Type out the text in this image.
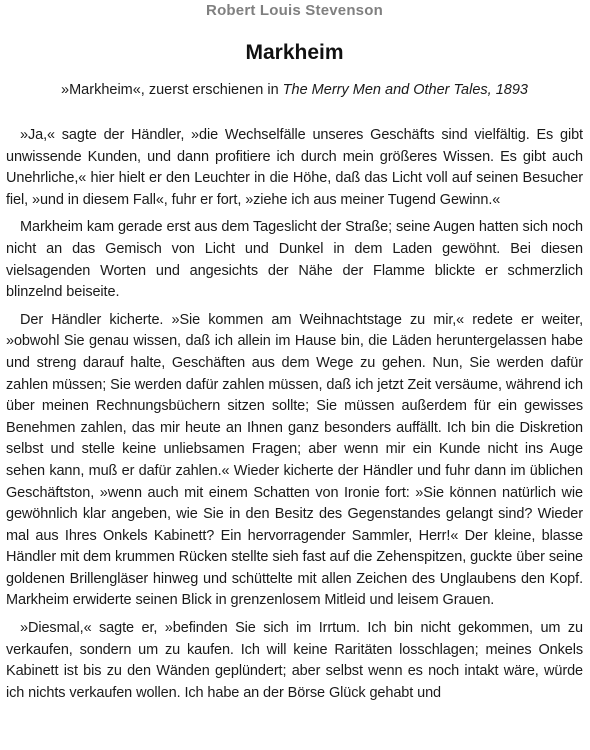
Robert Louis Stevenson

Markheim

»Markheim«, zuerst erschienen in The Merry Men and Other Tales, 1893

»Ja,« sagte der Händler, »die Wechselfälle unseres Geschäfts sind vielfältig. Es gibt unwissende Kunden, und dann profitiere ich durch mein größeres Wissen. Es gibt auch Unehrliche,« hier hielt er den Leuchter in die Höhe, daß das Licht voll auf seinen Besucher fiel, »und in diesem Fall«, fuhr er fort, »ziehe ich aus meiner Tugend Gewinn.«

Markheim kam gerade erst aus dem Tageslicht der Straße; seine Augen hatten sich noch nicht an das Gemisch von Licht und Dunkel in dem Laden gewöhnt. Bei diesen vielsagenden Worten und angesichts der Nähe der Flamme blickte er schmerzlich blinzelnd beiseite.

Der Händler kicherte. »Sie kommen am Weihnachtstage zu mir,« redete er weiter, »obwohl Sie genau wissen, daß ich allein im Hause bin, die Läden heruntergelassen habe und streng darauf halte, Geschäften aus dem Wege zu gehen. Nun, Sie werden dafür zahlen müssen; Sie werden dafür zahlen müssen, daß ich jetzt Zeit versäume, während ich über meinen Rechnungsbüchern sitzen sollte; Sie müssen außerdem für ein gewisses Benehmen zahlen, das mir heute an Ihnen ganz besonders auffällt. Ich bin die Diskretion selbst und stelle keine unliebsamen Fragen; aber wenn mir ein Kunde nicht ins Auge sehen kann, muß er dafür zahlen.« Wieder kicherte der Händler und fuhr dann im üblichen Geschäftston, »wenn auch mit einem Schatten von Ironie fort: »Sie können natürlich wie gewöhnlich klar angeben, wie Sie in den Besitz des Gegenstandes gelangt sind? Wieder mal aus Ihres Onkels Kabinett? Ein hervorragender Sammler, Herr!« Der kleine, blasse Händler mit dem krummen Rücken stellte sieh fast auf die Zehenspitzen, guckte über seine goldenen Brillengläser hinweg und schüttelte mit allen Zeichen des Unglaubens den Kopf. Markheim erwiderte seinen Blick in grenzenlosem Mitleid und leisem Grauen.

»Diesmal,« sagte er, »befinden Sie sich im Irrtum. Ich bin nicht gekommen, um zu verkaufen, sondern um zu kaufen. Ich will keine Raritäten losschlagen; meines Onkels Kabinett ist bis zu den Wänden geplündert; aber selbst wenn es noch intakt wäre, würde ich nichts verkaufen wollen. Ich habe an der Börse Glück gehabt und
